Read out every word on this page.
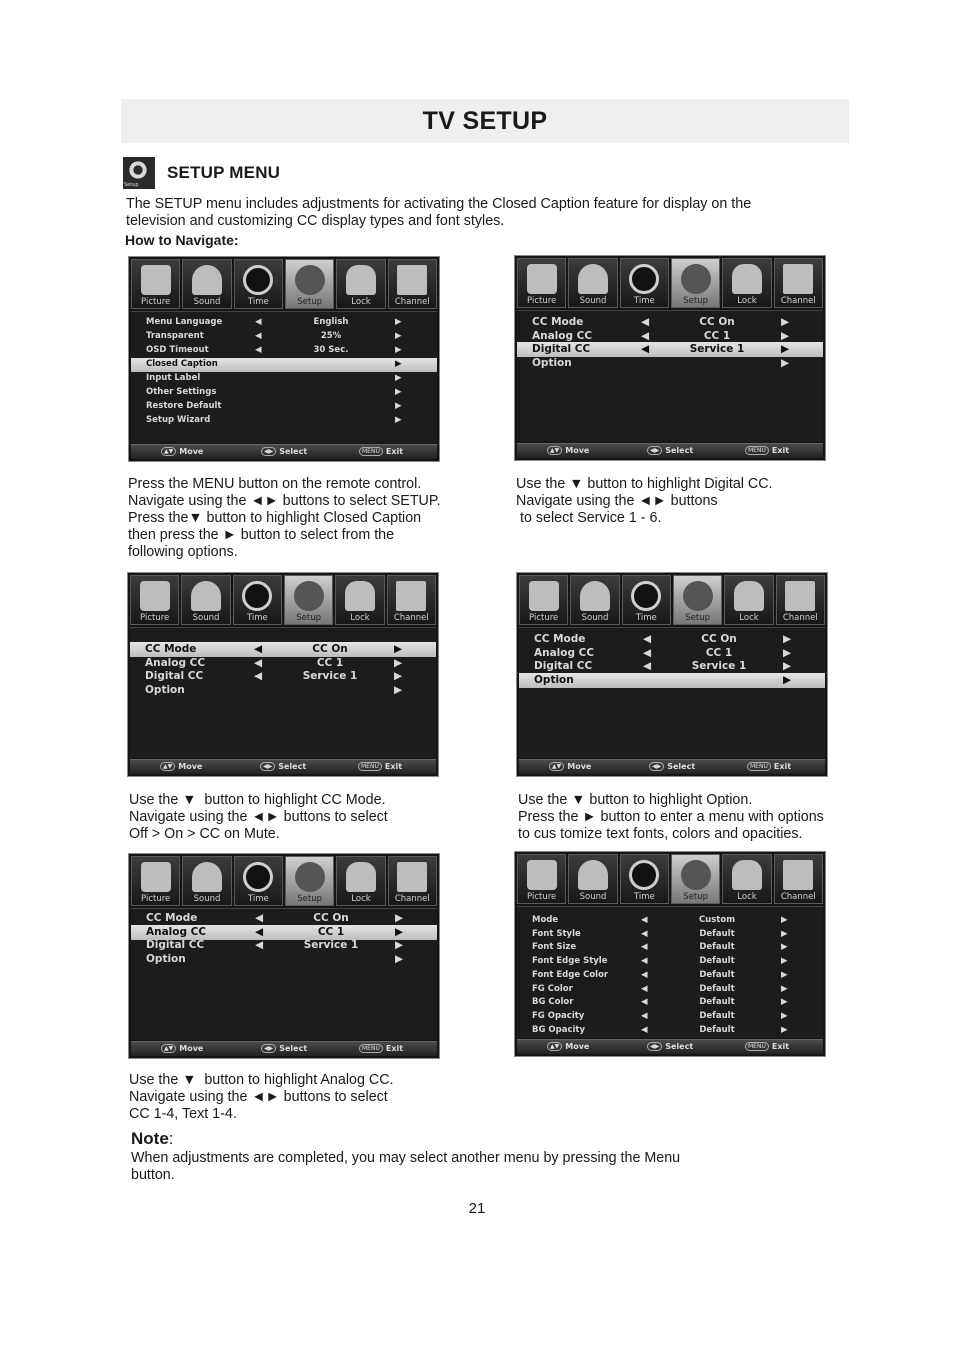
TV SETUP
Setup
SETUP MENU

The SETUP menu includes adjustments for activating the Closed Caption feature for display on the television and customizing CC display types and font styles.

How to Navigate:

Picture	Sound	Time	Setup	Lock	Channel
Menu Language	◀	English	▶
Transparent	◀	25%	▶
OSD Timeout	◀	30 Sec.	▶
Closed Caption	▶
Input Label	▶
Other Settings	▶
Restore Default	▶
Setup Wizard	▶
▲▼ Move	◀▶ Select	MENU Exit
Picture	Sound	Time	Setup	Lock	Channel
CC Mode	◀	CC On	▶
Analog CC	◀	CC 1	▶
Digital CC	◀	Service 1	▶
Option	▶
▲▼ Move	◀▶ Select	MENU Exit
Picture	Sound	Time	Setup	Lock	Channel
CC Mode	◀	CC On	▶
Analog CC	◀	CC 1	▶
Digital CC	◀	Service 1	▶
Option	▶
▲▼ Move	◀▶ Select	MENU Exit
Picture	Sound	Time	Setup	Lock	Channel
CC Mode	◀	CC On	▶
Analog CC	◀	CC 1	▶
Digital CC	◀	Service 1	▶
Option	▶
▲▼ Move	◀▶ Select	MENU Exit
Picture	Sound	Time	Setup	Lock	Channel
CC Mode	◀	CC On	▶
Analog CC	◀	CC 1	▶
Digital CC	◀	Service 1	▶
Option	▶
▲▼ Move	◀▶ Select	MENU Exit
Picture	Sound	Time	Setup	Lock	Channel
Mode	◀	Custom	▶
Font Style	◀	Default	▶
Font Size	◀	Default	▶
Font Edge Style	◀	Default	▶
Font Edge Color	◀	Default	▶
FG Color	◀	Default	▶
BG Color	◀	Default	▶
FG Opacity	◀	Default	▶
BG Opacity	◀	Default	▶
▲▼ Move	◀▶ Select	MENU Exit
Press the MENU button on the remote control.
Navigate using the ◄► buttons to select SETUP.
Press the▼ button to highlight Closed Caption
then press the ► button to select from the
following options.
Use the ▼ button to highlight Digital CC.
Navigate using the ◄► buttons
to select Service 1 - 6.
Use the ▼  button to highlight CC Mode.
Navigate using the ◄► buttons to select
Off > On > CC on Mute.
Use the ▼ button to highlight Option.
Press the ► button to enter a menu with options
to cus tomize text fonts, colors and opacities.
Use the ▼  button to highlight Analog CC.
Navigate using the ◄► buttons to select
CC 1-4, Text 1-4.
Note:

When adjustments are completed, you may select another menu by pressing the Menu button.

21
